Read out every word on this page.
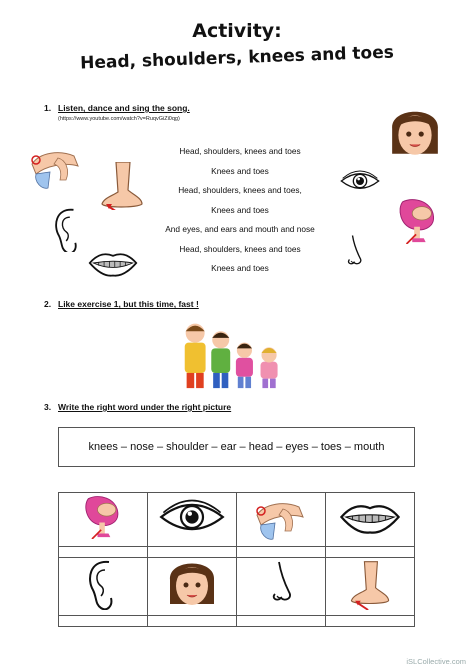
Activity:
Head, shoulders, knees and toes
1. Listen, dance and sing the song.
(https://www.youtube.com/watch?v=RuqvGiZi0qg)
Head, shoulders, knees and toes
Knees and toes
Head, shoulders, knees and toes,
Knees and toes
And eyes, and ears and mouth and nose
Head, shoulders, knees and toes
Knees and toes
2. Like exercise 1, but this time, fast !
3. Write the right word under the right picture
knees – nose – shoulder – ear – head – eyes – toes – mouth

iSLCollective.com
